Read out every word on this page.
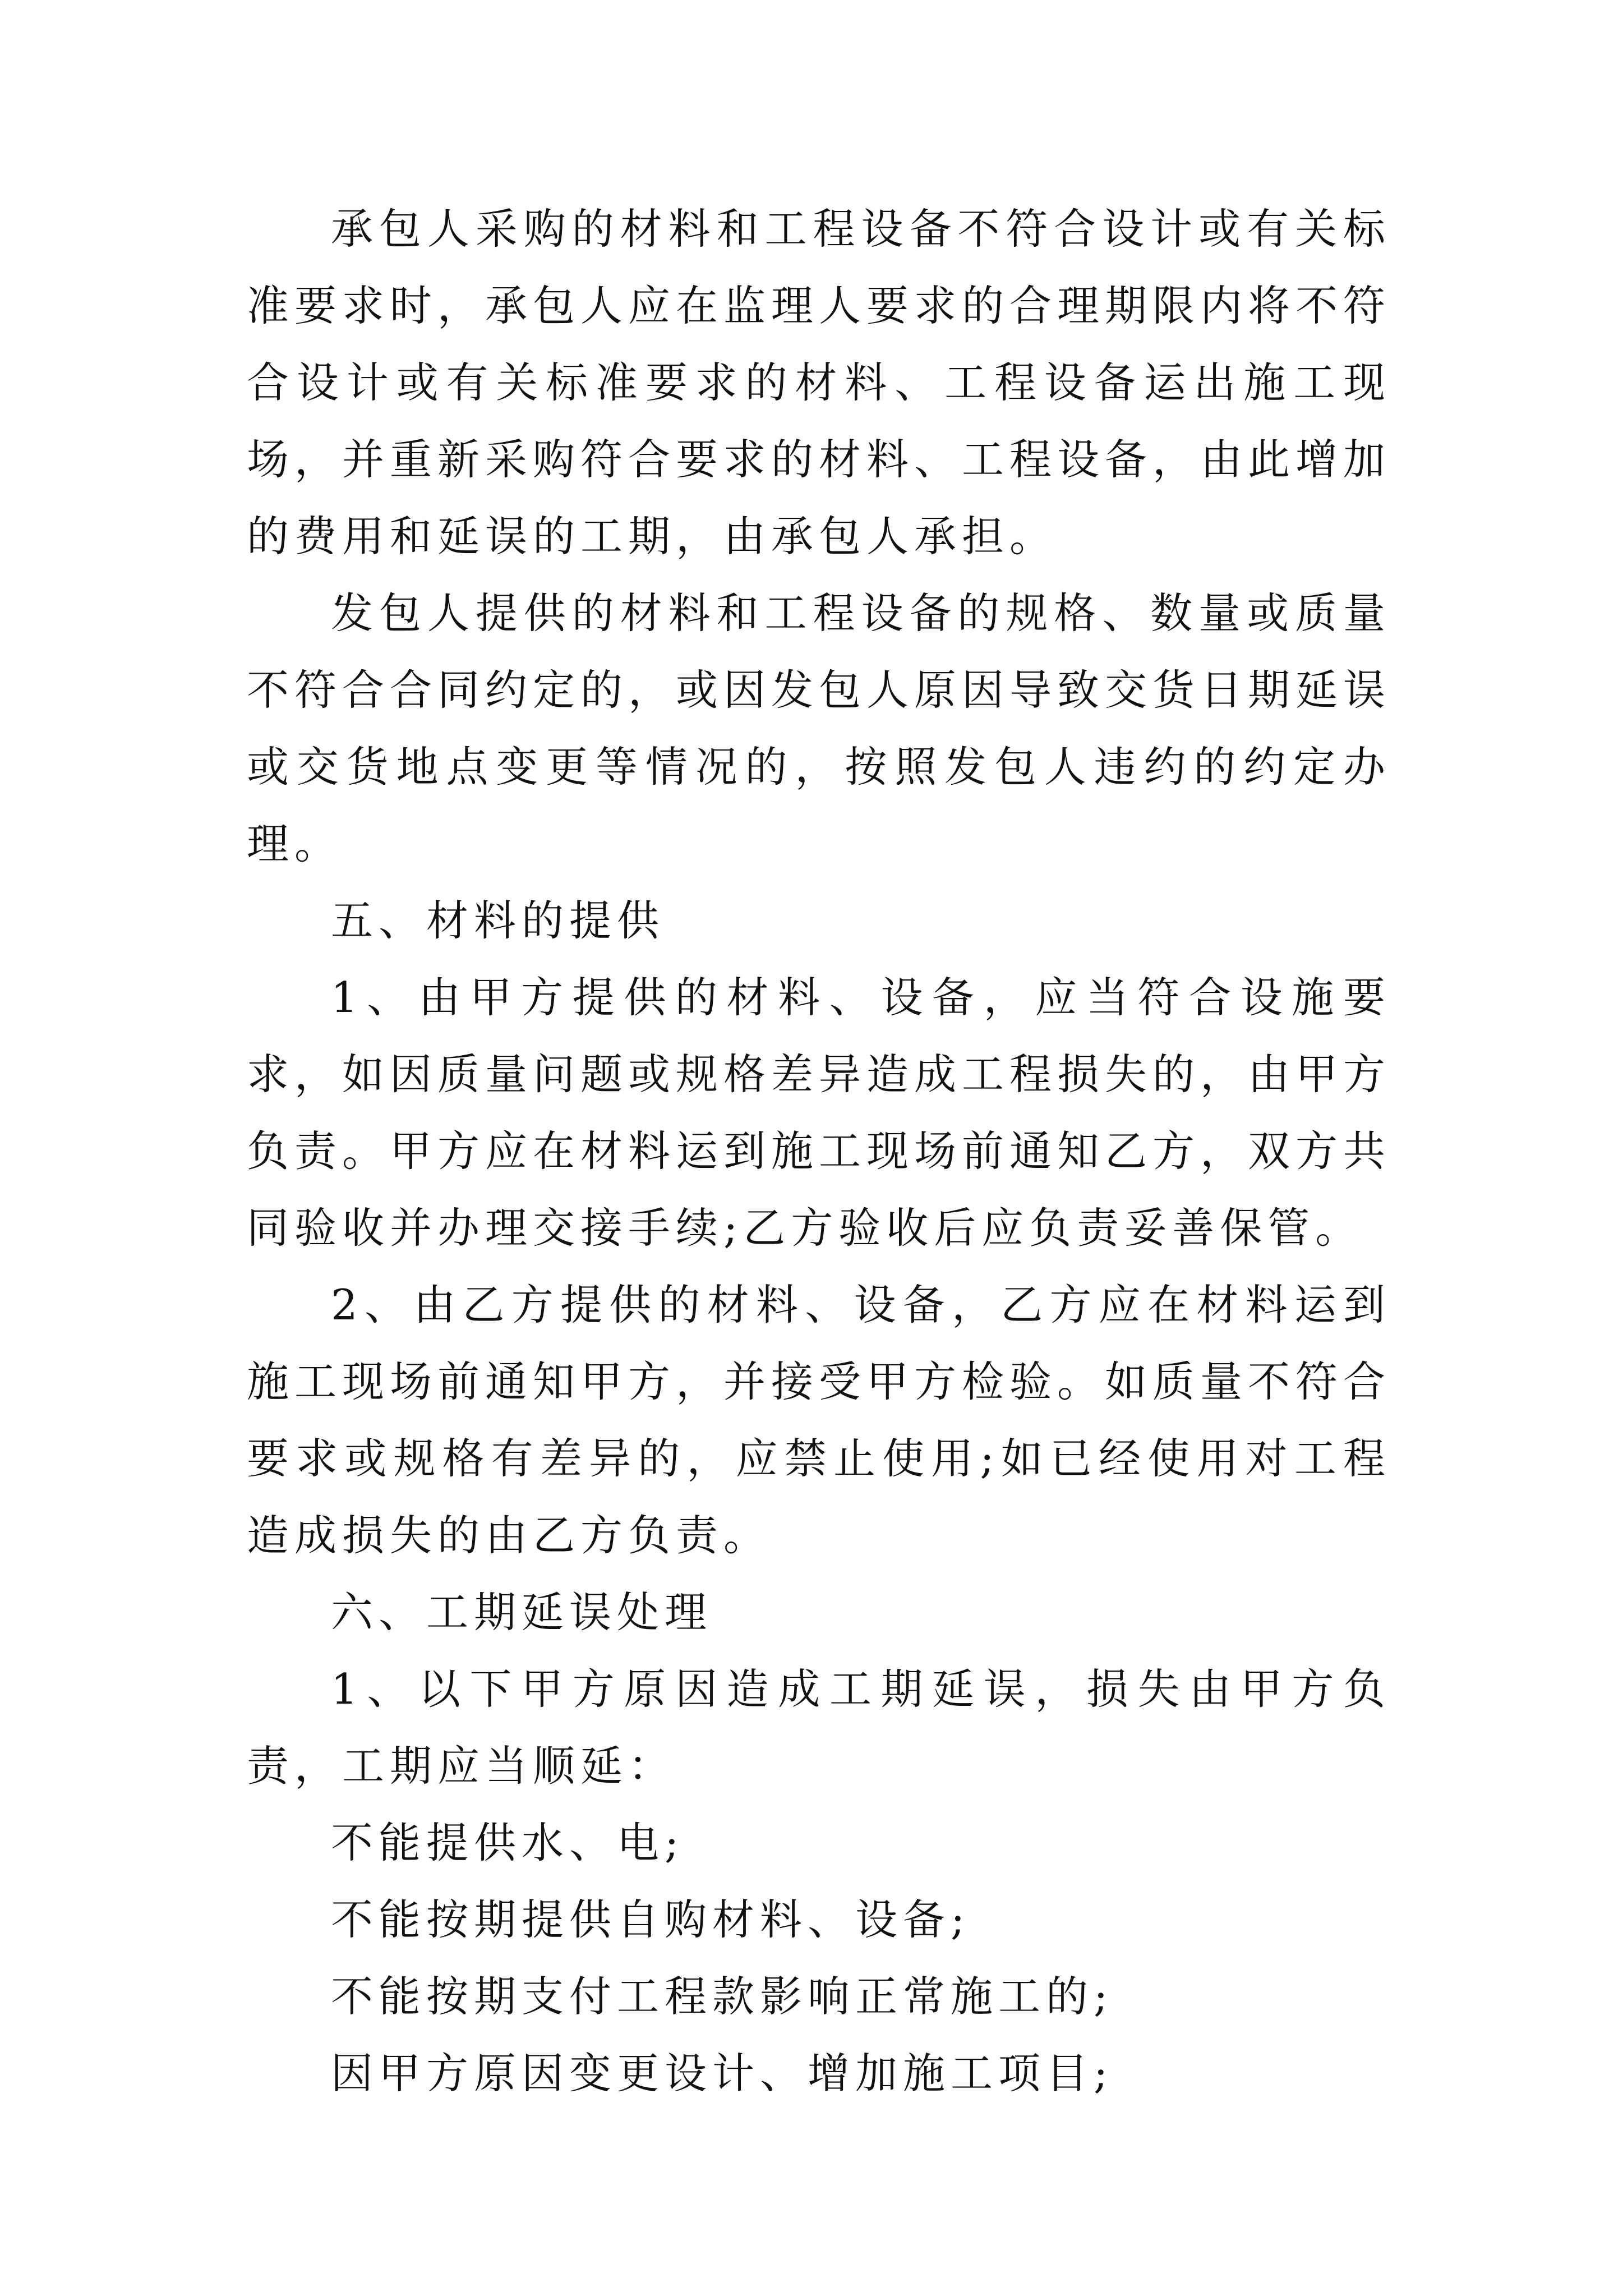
承包人采购的材料和工程设备不符合设计或有关标准要求时，承包人应在监理人要求的合理期限内将不符合设计或有关标准要求的材料、工程设备运出施工现场，并重新采购符合要求的材料、工程设备，由此增加的费用和延误的工期，由承包人承担。

发包人提供的材料和工程设备的规格、数量或质量不符合合同约定的，或因发包人原因导致交货日期延误或交货地点变更等情况的，按照发包人违约的约定办理。

五、材料的提供

1、由甲方提供的材料、设备，应当符合设施要求，如因质量问题或规格差异造成工程损失的，由甲方负责。甲方应在材料运到施工现场前通知乙方，双方共同验收并办理交接手续;乙方验收后应负责妥善保管。

2、由乙方提供的材料、设备，乙方应在材料运到施工现场前通知甲方，并接受甲方检验。如质量不符合要求或规格有差异的，应禁止使用;如已经使用对工程造成损失的由乙方负责。

六、工期延误处理

1、以下甲方原因造成工期延误，损失由甲方负责，工期应当顺延：

不能提供水、电;

不能按期提供自购材料、设备;

不能按期支付工程款影响正常施工的;

因甲方原因变更设计、增加施工项目;
